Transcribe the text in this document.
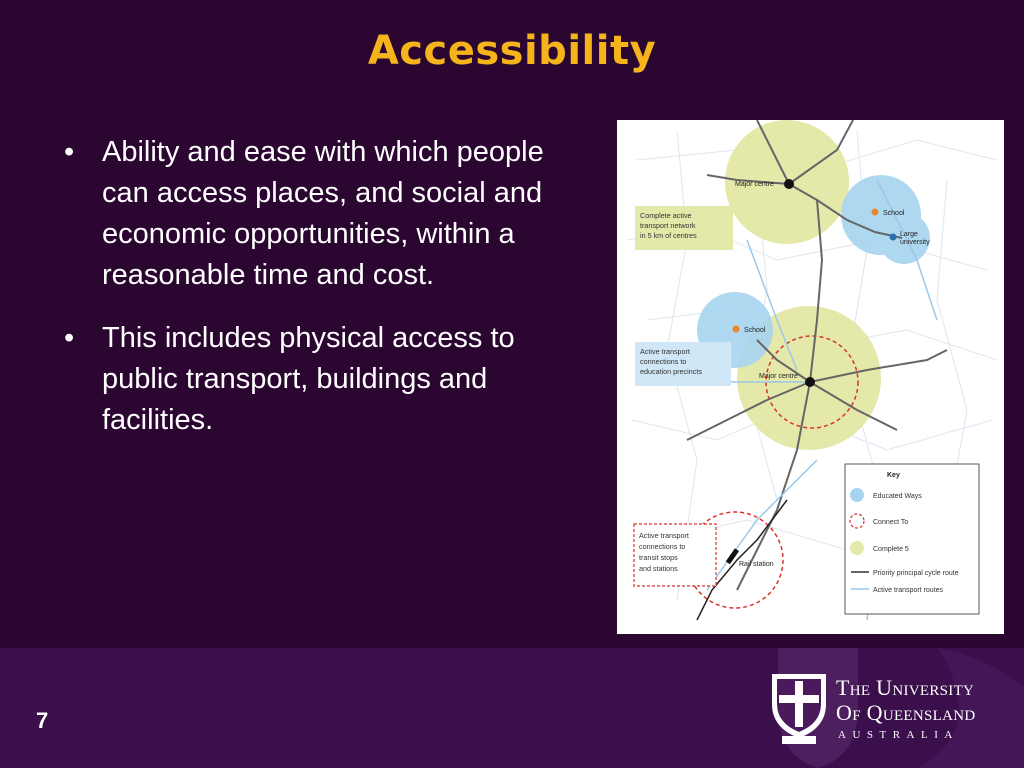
Accessibility
• Ability and ease with which people can access places, and social and economic opportunities, within a reasonable time and cost.
• This includes physical access to public transport, buildings and facilities.
Major centre
School
Large
university
School
Major centre
Rail station
Complete active
transport network
in 5 km of centres
Active transport
connections to
education precincts
Active transport
connections to
transit stops
and stations
Key
Educated Ways
Connect To
Complete 5
Priority principal cycle route
Active transport routes
The University
Of Queensland
AUSTRALIA
7
